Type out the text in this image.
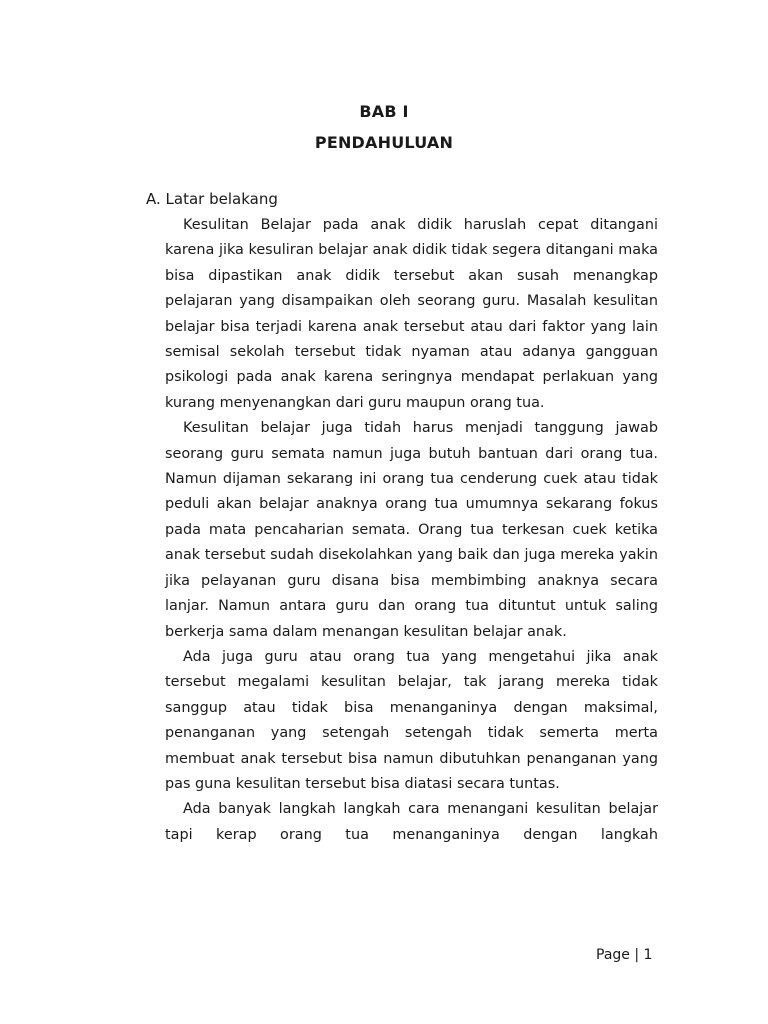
BAB I
PENDAHULUAN
A. Latar belakang

Kesulitan Belajar pada anak didik haruslah cepat ditangani karena jika kesuliran belajar anak didik tidak segera ditangani maka bisa dipastikan anak didik tersebut akan susah menangkap pelajaran yang disampaikan oleh seorang guru. Masalah kesulitan belajar bisa terjadi karena anak tersebut atau dari faktor yang lain semisal sekolah tersebut tidak nyaman atau adanya gangguan psikologi pada anak karena seringnya mendapat perlakuan yang kurang menyenangkan dari guru maupun orang tua.

Kesulitan belajar juga tidah harus menjadi tanggung jawab seorang guru semata namun juga butuh bantuan dari orang tua. Namun dijaman sekarang ini orang tua cenderung cuek atau tidak peduli akan belajar anaknya orang tua umumnya sekarang fokus pada mata pencaharian semata. Orang tua terkesan cuek ketika anak tersebut sudah disekolahkan yang baik dan juga mereka yakin jika pelayanan guru disana bisa membimbing anaknya secara lanjar. Namun antara guru dan orang tua dituntut untuk saling berkerja sama dalam menangan kesulitan belajar anak.

Ada juga guru atau orang tua yang mengetahui jika anak tersebut megalami kesulitan belajar, tak jarang mereka tidak sanggup atau tidak bisa menanganinya dengan maksimal, penanganan yang setengah setengah tidak semerta merta membuat anak tersebut bisa namun dibutuhkan penanganan yang pas guna kesulitan tersebut bisa diatasi secara tuntas.

Ada banyak langkah langkah cara menangani kesulitan belajar tapi kerap orang tua menanganinya dengan langkah

Page | 1
